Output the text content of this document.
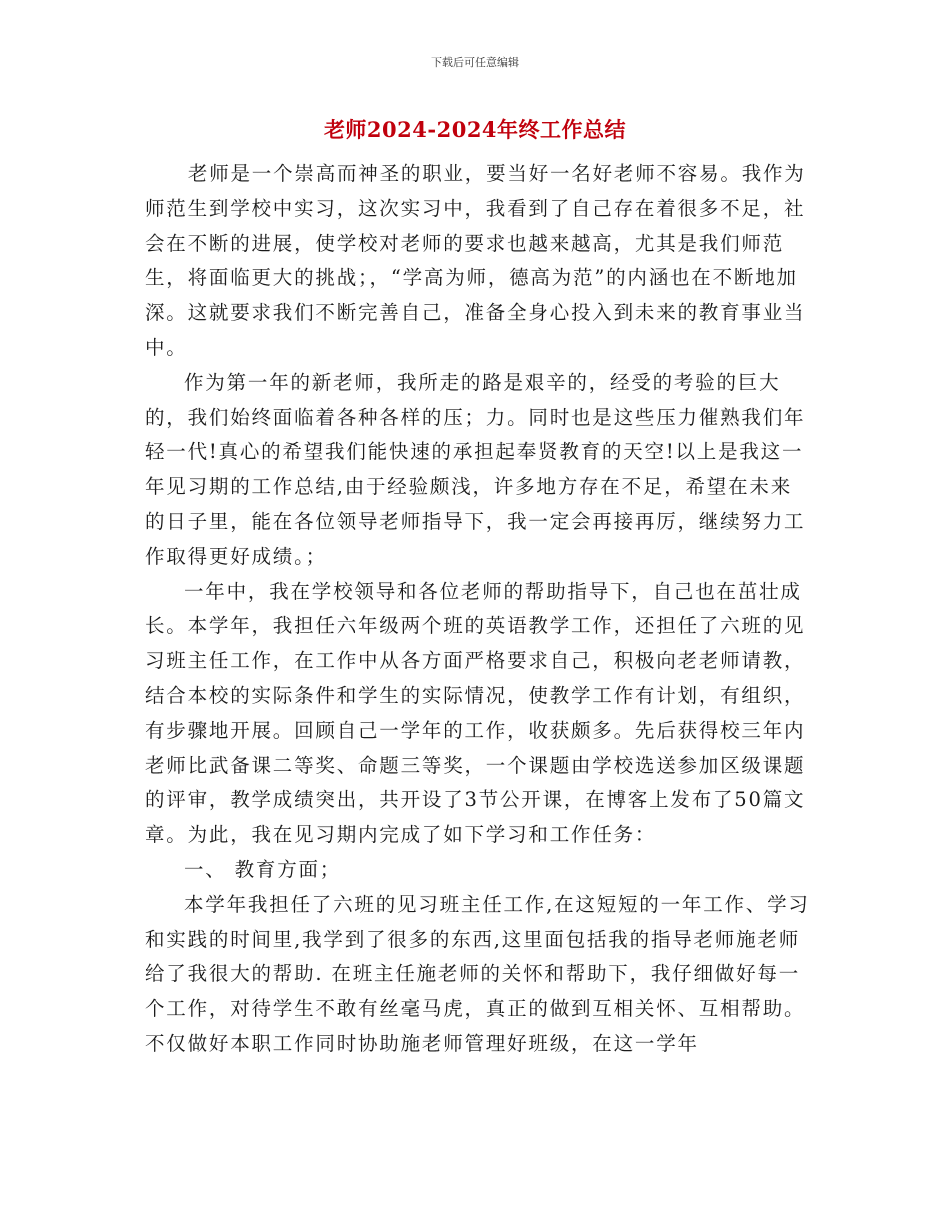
下载后可任意编辑
老师2024-2024年终工作总结

老师是一个崇高而神圣的职业，要当好一名好老师不容易。我作为师范生到学校中实习，这次实习中，我看到了自己存在着很多不足，社会在不断的进展，使学校对老师的要求也越来越高，尤其是我们师范生，将面临更大的挑战；，“学高为师，德高为范”的内涵也在不断地加深。这就要求我们不断完善自己，准备全身心投入到未来的教育事业当中。

作为第一年的新老师，我所走的路是艰辛的，经受的考验的巨大的，我们始终面临着各种各样的压；力。同时也是这些压力催熟我们年轻一代!真心的希望我们能快速的承担起奉贤教育的天空!以上是我这一年见习期的工作总结,由于经验颇浅，许多地方存在不足，希望在未来的日子里，能在各位领导老师指导下，我一定会再接再厉，继续努力工作取得更好成绩。；

一年中，我在学校领导和各位老师的帮助指导下，自己也在茁壮成长。本学年，我担任六年级两个班的英语教学工作，还担任了六班的见习班主任工作，在工作中从各方面严格要求自己，积极向老老师请教，结合本校的实际条件和学生的实际情况，使教学工作有计划，有组织，有步骤地开展。回顾自己一学年的工作，收获颇多。先后获得校三年内老师比武备课二等奖、命题三等奖，一个课题由学校选送参加区级课题的评审，教学成绩突出，共开设了3节公开课，在博客上发布了50篇文章。为此，我在见习期内完成了如下学习和工作任务：

一、 教育方面；

本学年我担任了六班的见习班主任工作,在这短短的一年工作、学习和实践的时间里,我学到了很多的东西,这里面包括我的指导老师施老师给了我很大的帮助. 在班主任施老师的关怀和帮助下，我仔细做好每一个工作，对待学生不敢有丝毫马虎，真正的做到互相关怀、互相帮助。不仅做好本职工作同时协助施老师管理好班级，在这一学年
